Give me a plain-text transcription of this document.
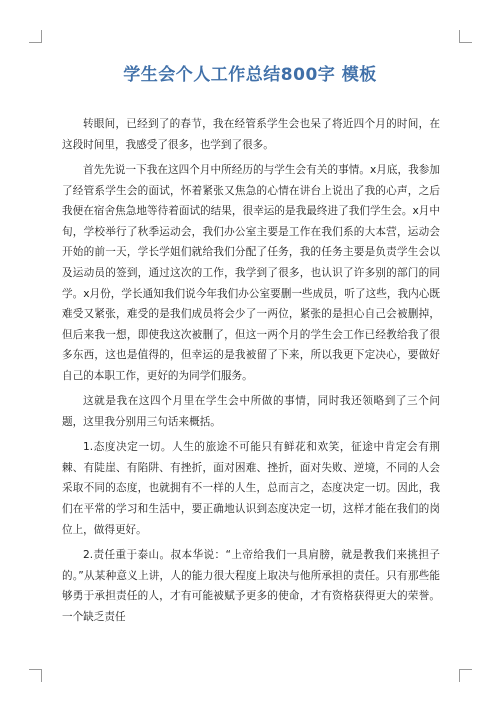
学生会个人工作总结800字 模板

转眼间，已经到了的春节，我在经管系学生会也呆了将近四个月的时间，在这段时间里，我感受了很多，也学到了很多。

首先先说一下我在这四个月中所经历的与学生会有关的事情。x月底，我参加了经管系学生会的面试，怀着紧张又焦急的心情在讲台上说出了我的心声，之后我便在宿舍焦急地等待着面试的结果，很幸运的是我最终进了我们学生会。x月中旬，学校举行了秋季运动会，我们办公室主要是工作在我们系的大本营，运动会开始的前一天，学长学姐们就给我们分配了任务，我的任务主要是负责学生会以及运动员的签到，通过这次的工作，我学到了很多，也认识了许多别的部门的同学。x月份，学长通知我们说今年我们办公室要删一些成员，听了这些，我内心既难受又紧张，难受的是我们成员将会少了一两位，紧张的是担心自己会被删掉，但后来我一想，即使我这次被删了，但这一两个月的学生会工作已经教给我了很多东西，这也是值得的，但幸运的是我被留了下来，所以我更下定决心，要做好自己的本职工作，更好的为同学们服务。

这就是我在这四个月里在学生会中所做的事情，同时我还领略到了三个问题，这里我分别用三句话来概括。

1.态度决定一切。人生的旅途不可能只有鲜花和欢笑，征途中肯定会有荆棘、有陡崖、有陷阱、有挫折，面对困难、挫折，面对失败、逆境，不同的人会采取不同的态度，也就拥有不一样的人生，总而言之，态度决定一切。因此，我们在平常的学习和生活中，要正确地认识到态度决定一切，这样才能在我们的岗位上，做得更好。

2.责任重于泰山。叔本华说：“上帝给我们一具肩膀，就是教我们来挑担子的。”从某种意义上讲，人的能力很大程度上取决与他所承担的责任。只有那些能够勇于承担责任的人，才有可能被赋予更多的使命，才有资格获得更大的荣誉。一个缺乏责任
